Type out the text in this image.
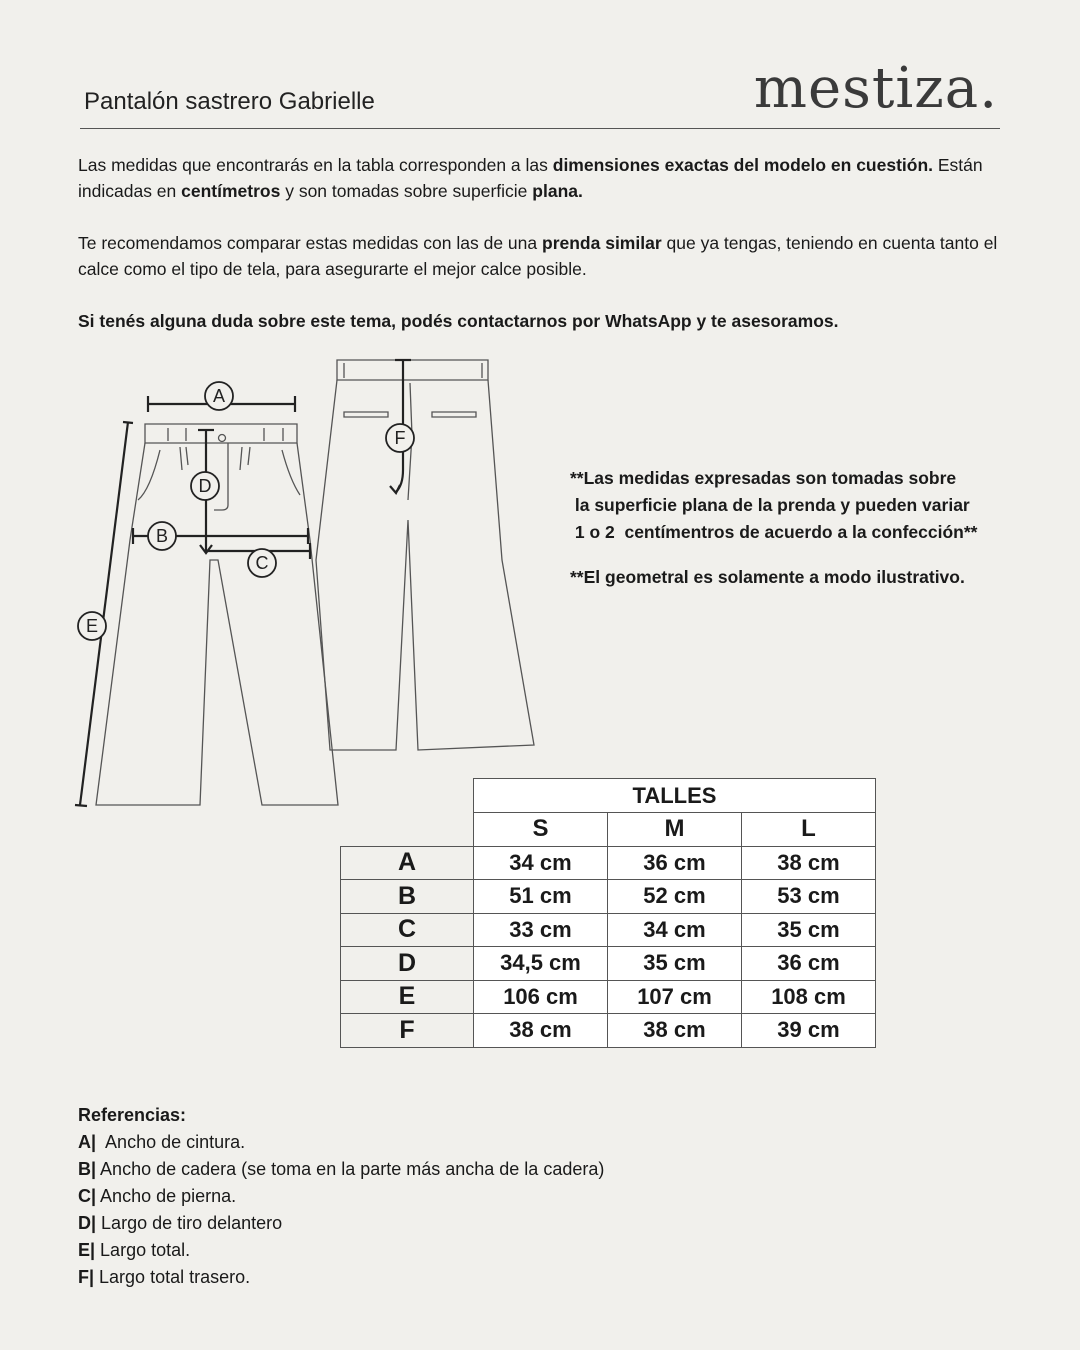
Pantalón sastrero Gabrielle	mestiza.
Las medidas que encontrarás en la tabla corresponden a las dimensiones exactas del modelo en cuestión. Están indicadas en centímetros y son tomadas sobre superficie plana.
Te recomendamos comparar estas medidas con las de una prenda similar que ya tengas, teniendo en cuenta tanto el calce como el tipo de tela, para asegurarte el mejor calce posible.
Si tenés alguna duda sobre este tema, podés contactarnos por WhatsApp y te asesoramos.
A
B
C
D
E
F
**Las medidas expresadas son tomadas sobre
la superficie plana de la prenda y pueden variar
1 o 2  centímentros de acuerdo a la confección**
**El geometral es solamente a modo ilustrativo.
	TALLES		
	S	M	L
A	34 cm	36 cm	38 cm
B	51 cm	52 cm	53 cm
C	33 cm	34 cm	35 cm
D	34,5 cm	35 cm	36 cm
E	106 cm	107 cm	108 cm
F	38 cm	38 cm	39 cm
Referencias:
A|  Ancho de cintura.
B| Ancho de cadera (se toma en la parte más ancha de la cadera)
C| Ancho de pierna.
D| Largo de tiro delantero
E| Largo total.
F| Largo total trasero.
